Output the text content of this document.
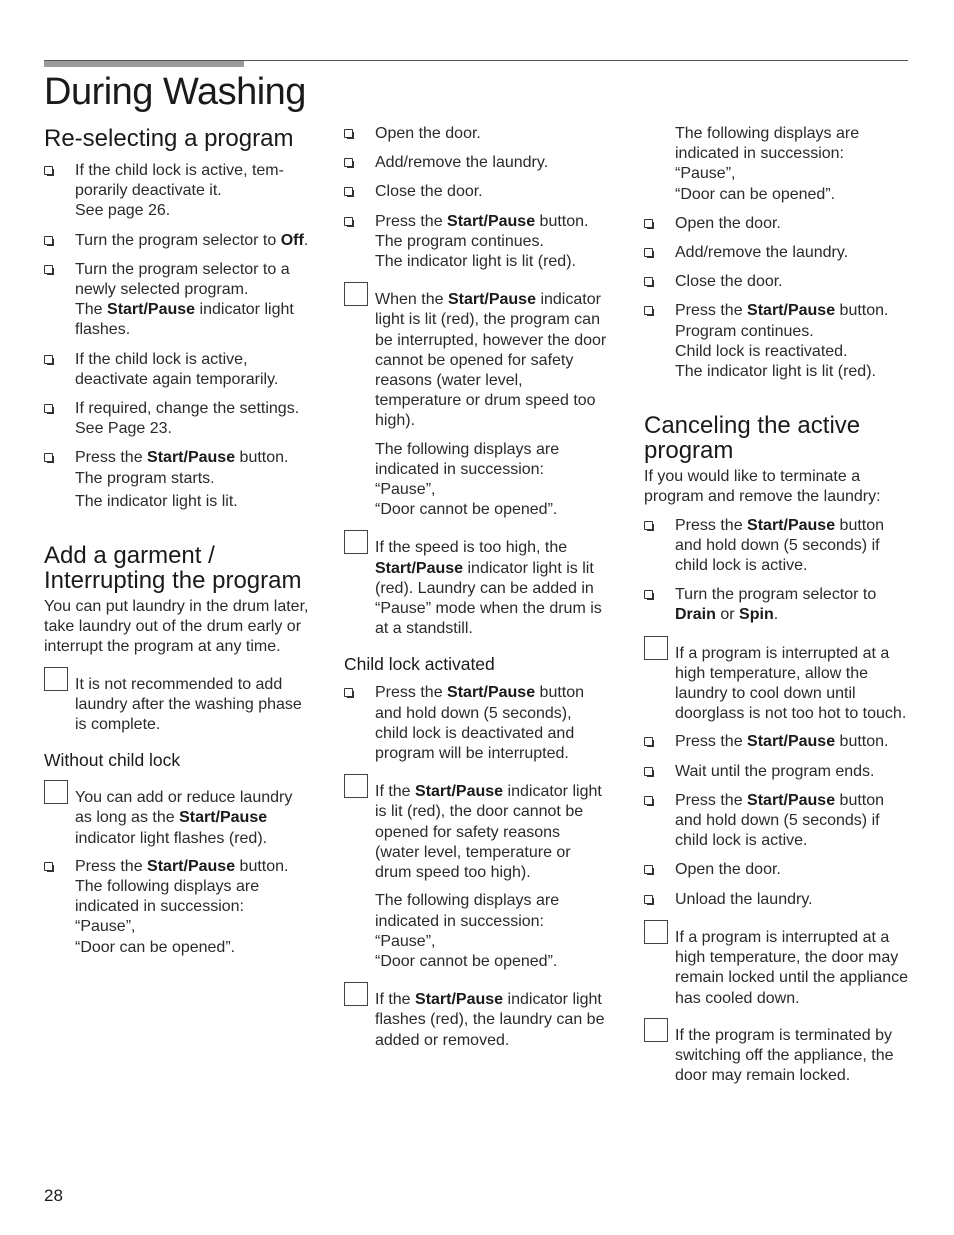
During Washing
Re-selecting a program
If the child lock is active, tem-porarily deactivate it.
See page 26.
Turn the program selector to Off.
Turn the program selector to a newly selected program.
The Start/Pause indicator light flashes.
If the child lock is active, deactivate again temporarily.
If required, change the settings.
See Page 23.
Press the Start/Pause button.
The program starts.
The indicator light is lit.
Add a garment / Interrupting the program

You can put laundry in the drum later, take laundry out of the drum early or interrupt the program at any time.

It is not recommended to add laundry after the washing phase is complete.
Without child lock
You can add or reduce laundry as long as the Start/Pause indicator light flashes (red).
Press the Start/Pause button.
The following displays are indicated in succession:
“Pause”,
“Door can be opened”.
Open the door.
Add/remove the laundry.
Close the door.
Press the Start/Pause button.
The program continues.
The indicator light is lit (red).
When the Start/Pause indicator light is lit (red), the program can be interrupted, however the door cannot be opened for safety reasons (water level, temperature or drum speed too high).
The following displays are indicated in succession:
“Pause”,
“Door cannot be opened”.
If the speed is too high, the Start/Pause indicator light is lit (red). Laundry can be added in “Pause” mode when the drum is at a standstill.
Child lock activated
Press the Start/Pause button and hold down (5 seconds), child lock is deactivated and program will be interrupted.
If the Start/Pause indicator light is lit (red), the door cannot be opened for safety reasons (water level, temperature or drum speed too high).
The following displays are indicated in succession:
“Pause”,
“Door cannot be opened”.
If the Start/Pause indicator light flashes (red), the laundry can be added or removed.
The following displays are indicated in succession:
“Pause”,
“Door can be opened”.
Open the door.
Add/remove the laundry.
Close the door.
Press the Start/Pause button.
Program continues.
Child lock is reactivated.
The indicator light is lit (red).
Canceling the active program

If you would like to terminate a program and remove the laundry:

Press the Start/Pause button and hold down (5 seconds) if child lock is active.
Turn the program selector to Drain or Spin.
If a program is interrupted at a high temperature, allow the laundry to cool down until doorglass is not too hot to touch.
Press the Start/Pause button.
Wait until the program ends.
Press the Start/Pause button and hold down (5 seconds) if child lock is active.
Open the door.
Unload the laundry.
If a program is interrupted at a high temperature, the door may remain locked until the appliance has cooled down.
If the program is terminated by switching off the appliance, the door may remain locked.
28
